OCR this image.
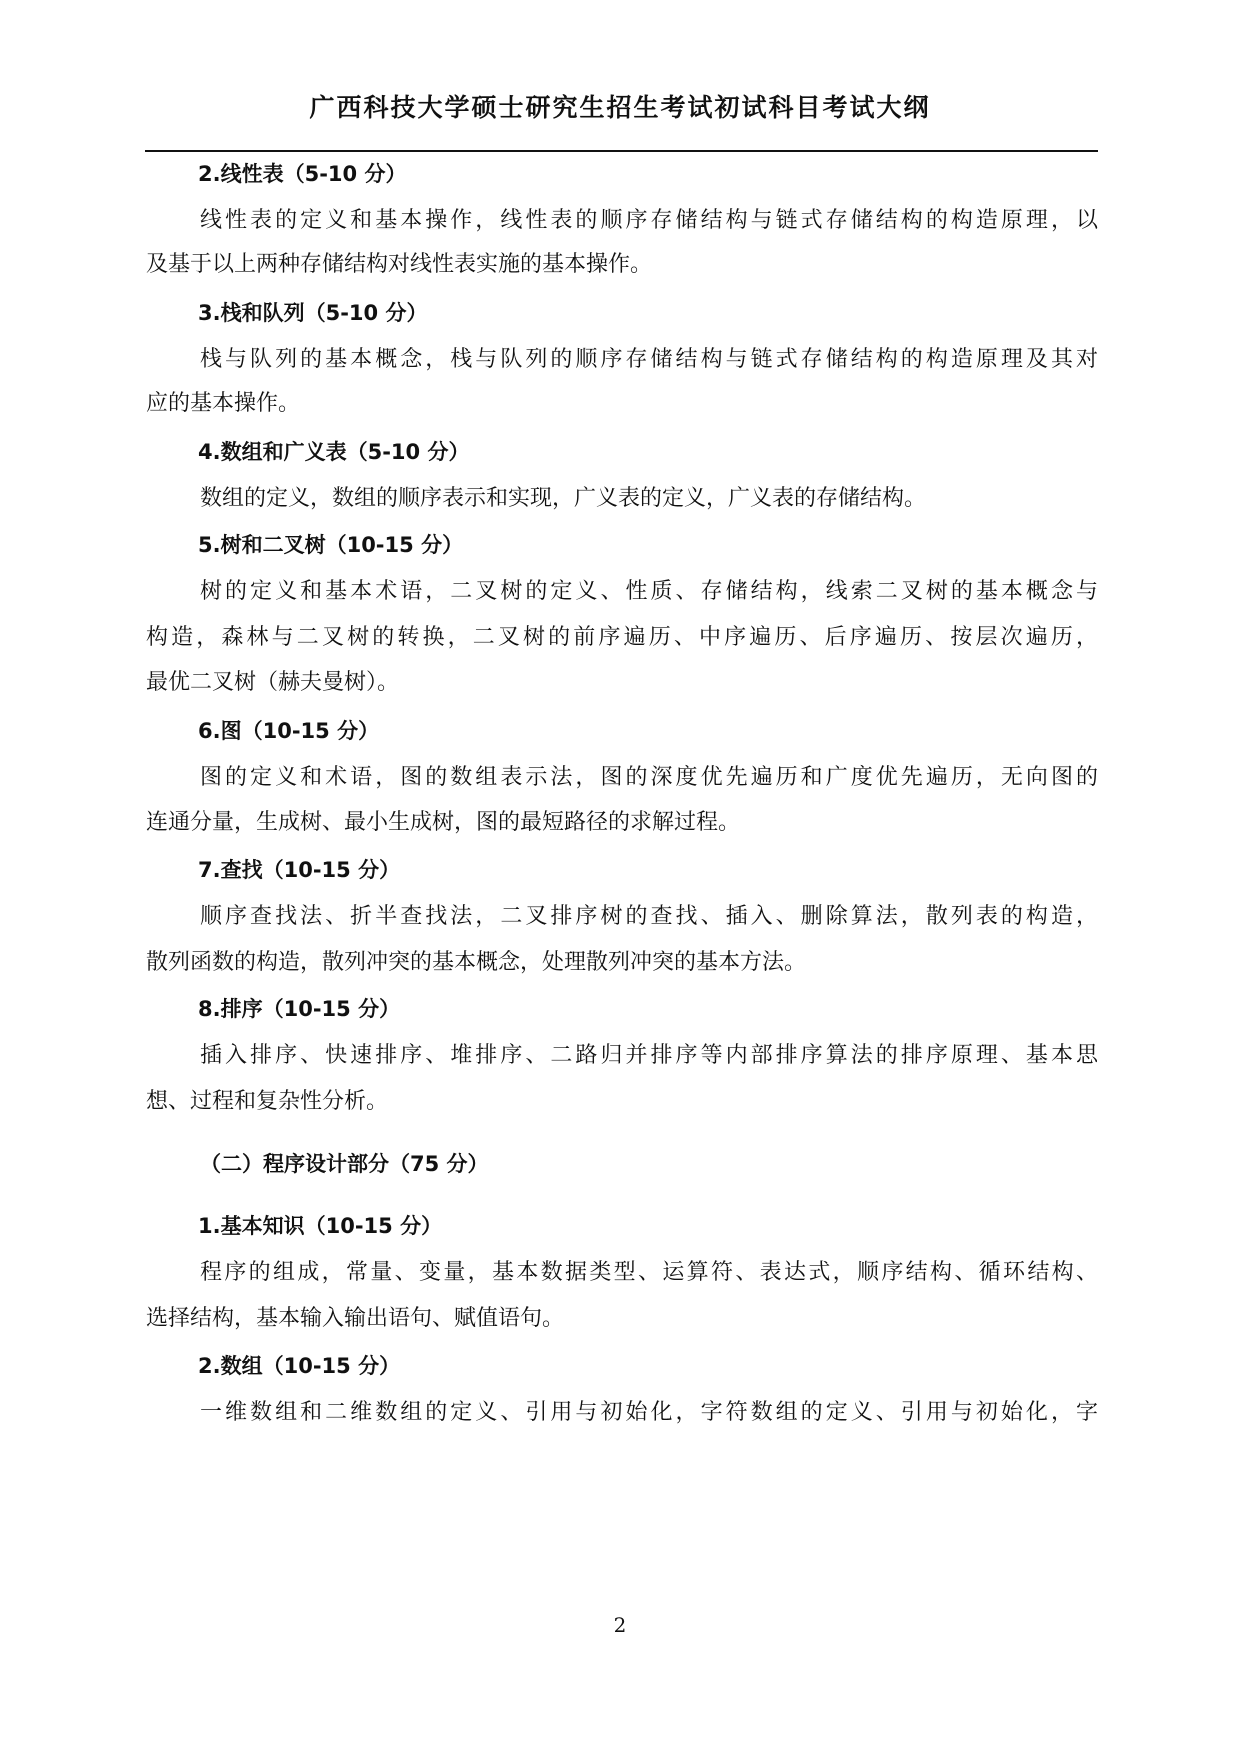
广西科技大学硕士研究生招生考试初试科目考试大纲
2.线性表（5-10 分）
线性表的定义和基本操作，线性表的顺序存储结构与链式存储结构的构造原理，以
及基于以上两种存储结构对线性表实施的基本操作。
3.栈和队列（5-10 分）
栈与队列的基本概念，栈与队列的顺序存储结构与链式存储结构的构造原理及其对
应的基本操作。
4.数组和广义表（5-10 分）
数组的定义，数组的顺序表示和实现，广义表的定义，广义表的存储结构。
5.树和二叉树（10-15 分）
树的定义和基本术语，二叉树的定义、性质、存储结构，线索二叉树的基本概念与
构造，森林与二叉树的转换，二叉树的前序遍历、中序遍历、后序遍历、按层次遍历，
最优二叉树（赫夫曼树）。
6.图（10-15 分）
图的定义和术语，图的数组表示法，图的深度优先遍历和广度优先遍历，无向图的
连通分量，生成树、最小生成树，图的最短路径的求解过程。
7.查找（10-15 分）
顺序查找法、折半查找法，二叉排序树的查找、插入、删除算法，散列表的构造，
散列函数的构造，散列冲突的基本概念，处理散列冲突的基本方法。
8.排序（10-15 分）
插入排序、快速排序、堆排序、二路归并排序等内部排序算法的排序原理、基本思
想、过程和复杂性分析。
（二）程序设计部分（75 分）
1.基本知识（10-15 分）
程序的组成，常量、变量，基本数据类型、运算符、表达式，顺序结构、循环结构、
选择结构，基本输入输出语句、赋值语句。
2.数组（10-15 分）
一维数组和二维数组的定义、引用与初始化，字符数组的定义、引用与初始化，字
2
